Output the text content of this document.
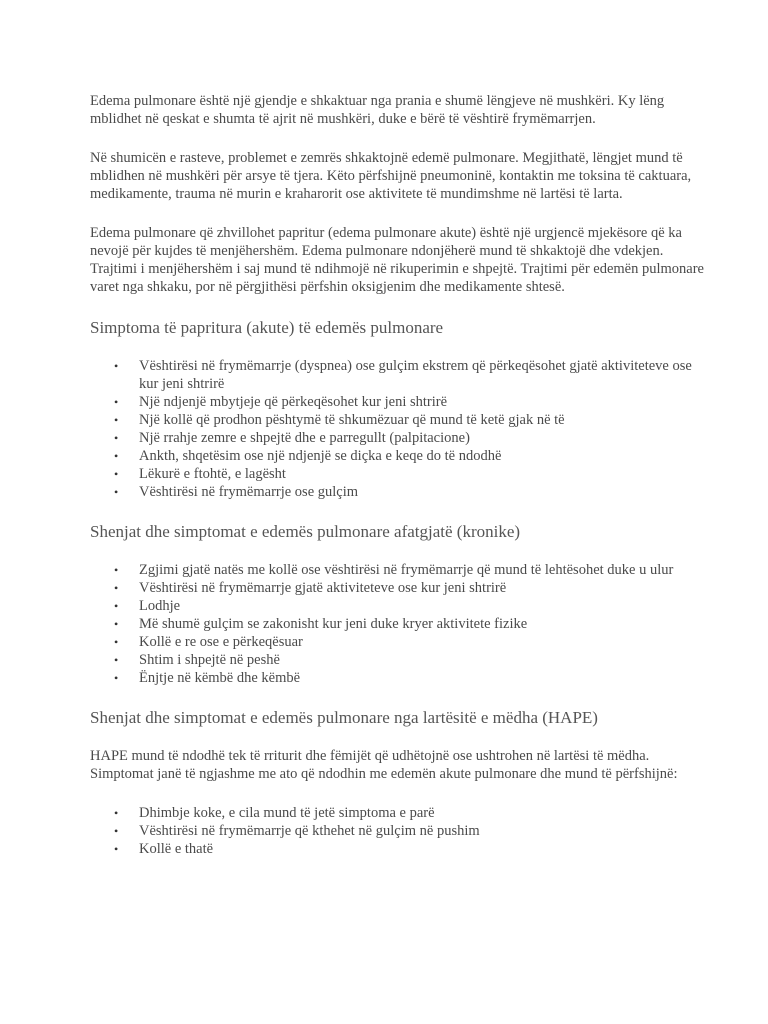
Edema pulmonare është një gjendje e shkaktuar nga prania e shumë lëngjeve në mushkëri. Ky lëng mblidhet në qeskat e shumta të ajrit në mushkëri, duke e bërë të vështirë frymëmarrjen.

Në shumicën e rasteve, problemet e zemrës shkaktojnë edemë pulmonare. Megjithatë, lëngjet mund të mblidhen në mushkëri për arsye të tjera. Këto përfshijnë pneumoninë, kontaktin me toksina të caktuara, medikamente, trauma në murin e kraharorit ose aktivitete të mundimshme në lartësi të larta.

Edema pulmonare që zhvillohet papritur (edema pulmonare akute) është një urgjencë mjekësore që ka nevojë për kujdes të menjëhershëm. Edema pulmonare ndonjëherë mund të shkaktojë dhe vdekjen. Trajtimi i menjëhershëm i saj mund të ndihmojë në rikuperimin e shpejtë. Trajtimi për edemën pulmonare varet nga shkaku, por në përgjithësi përfshin oksigjenim dhe medikamente shtesë.

Simptoma të papritura (akute) të edemës pulmonare
• Vështirësi në frymëmarrje (dyspnea) ose gulçim ekstrem që përkeqësohet gjatë aktiviteteve ose kur jeni shtrirë
• Një ndjenjë mbytjeje që përkeqësohet kur jeni shtrirë
• Një kollë që prodhon pështymë të shkumëzuar që mund të ketë gjak në të
• Një rrahje zemre e shpejtë dhe e parregullt (palpitacione)
• Ankth, shqetësim ose një ndjenjë se diçka e keqe do të ndodhë
• Lëkurë e ftohtë, e lagësht
• Vështirësi në frymëmarrje ose gulçim
Shenjat dhe simptomat e edemës pulmonare afatgjatë (kronike)
• Zgjimi gjatë natës me kollë ose vështirësi në frymëmarrje që mund të lehtësohet duke u ulur
• Vështirësi në frymëmarrje gjatë aktiviteteve ose kur jeni shtrirë
• Lodhje
• Më shumë gulçim se zakonisht kur jeni duke kryer aktivitete fizike
• Kollë e re ose e përkeqësuar
• Shtim i shpejtë në peshë
• Ënjtje në këmbë dhe këmbë
Shenjat dhe simptomat e edemës pulmonare nga lartësitë e mëdha (HAPE)

HAPE mund të ndodhë tek të rriturit dhe fëmijët që udhëtojnë ose ushtrohen në lartësi të mëdha. Simptomat janë të ngjashme me ato që ndodhin me edemën akute pulmonare dhe mund të përfshijnë:

• Dhimbje koke, e cila mund të jetë simptoma e parë
• Vështirësi në frymëmarrje që kthehet në gulçim në pushim
• Kollë e thatë
